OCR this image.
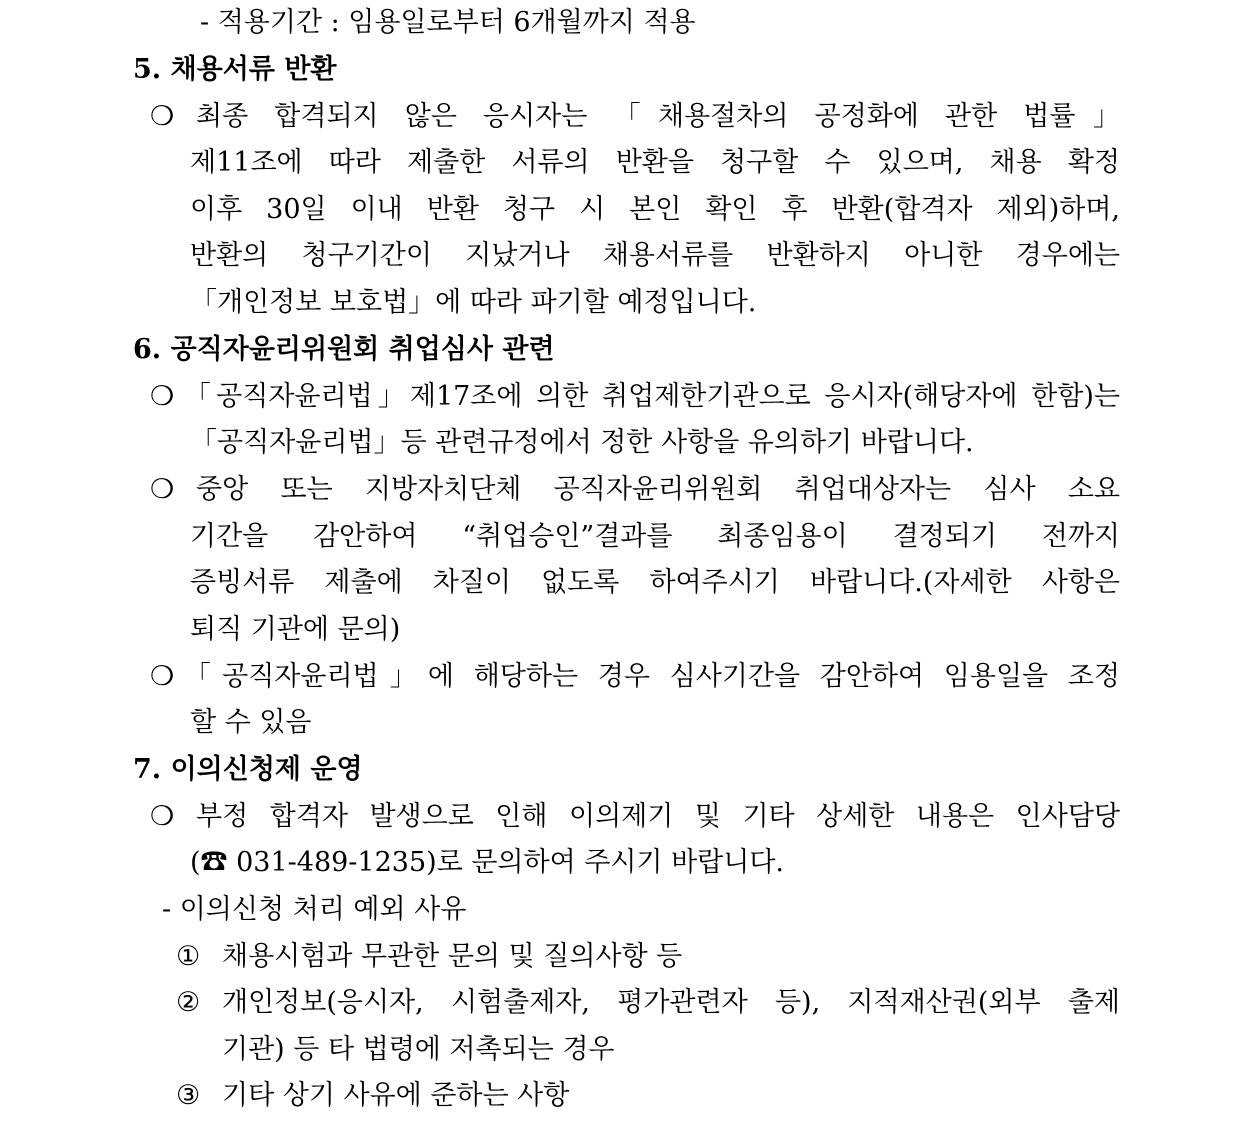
- 적용기간 : 임용일로부터 6개월까지 적용
5. 채용서류 반환
❍ 최종 합격되지 않은 응시자는 「채용절차의 공정화에 관한 법률」
제11조에 따라 제출한 서류의 반환을 청구할 수 있으며, 채용 확정
이후 30일 이내 반환 청구 시 본인 확인 후 반환(합격자 제외)하며,
반환의 청구기간이 지났거나 채용서류를 반환하지 아니한 경우에는
「개인정보 보호법」에 따라 파기할 예정입니다.
6. 공직자윤리위원회 취업심사 관련
❍ 「공직자윤리법」제17조에 의한 취업제한기관으로 응시자(해당자에 한함)는
「공직자윤리법」등 관련규정에서 정한 사항을 유의하기 바랍니다.
❍ 중앙 또는 지방자치단체 공직자윤리위원회 취업대상자는 심사 소요
기간을 감안하여 “취업승인”결과를 최종임용이 결정되기 전까지
증빙서류 제출에 차질이 없도록 하여주시기 바랍니다.(자세한 사항은
퇴직 기관에 문의)
❍ 「공직자윤리법」에 해당하는 경우 심사기간을 감안하여 임용일을 조정
할 수 있음
7. 이의신청제 운영
❍ 부정 합격자 발생으로 인해 이의제기 및 기타 상세한 내용은 인사담당
(☎ 031-489-1235)로 문의하여 주시기 바랍니다.
- 이의신청 처리 예외 사유
① 채용시험과 무관한 문의 및 질의사항 등
② 개인정보(응시자, 시험출제자, 평가관련자 등), 지적재산권(외부 출제
기관) 등 타 법령에 저촉되는 경우
③ 기타 상기 사유에 준하는 사항
